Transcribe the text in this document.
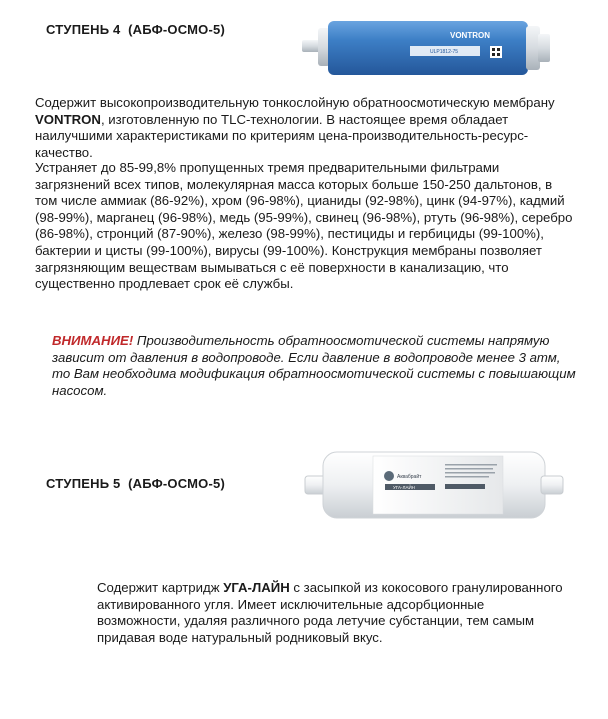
СТУПЕНЬ 4  (АБФ-ОСМО-5)	VONTRON
ULP1812-75
Содержит высокопроизводительную тонкослойную обратноосмотическую мембрану VONTRON, изготовленную по TLC-технологии. В настоящее время обладает наилучшими характеристиками по критериям цена-производительность-ресурс-качество.
Устраняет до 85-99,8% пропущенных тремя предварительными фильтрами загрязнений всех типов, молекулярная масса которых больше 150-250 дальтонов, в том числе аммиак (86-92%), хром (96-98%), цианиды (92-98%), цинк (94-97%), кадмий (98-99%), марганец (96-98%), медь (95-99%), свинец (96-98%), ртуть (96-98%), серебро (86-98%), стронций (87-90%), железо (98-99%), пестициды и гербициды (99-100%), бактерии и цисты (99-100%), вирусы (99-100%). Конструкция мембраны позволяет загрязняющим веществам вымываться с её поверхности в канализацию, что существенно продлевает срок её службы.
ВНИМАНИЕ! Производительность обратноосмотической системы напрямую зависит от давления в водопроводе. Если давление в водопроводе менее 3 атм, то Вам необходима модификация обратноосмотической системы с повышающим насосом.
СТУПЕНЬ 5  (АБФ-ОСМО-5)	Аквабрайт
УГА-ЛАЙН
Содержит картридж УГА-ЛАЙН с засыпкой из кокосового гранулированного активированного угля. Имеет исключительные адсорбционные возможности, удаляя различного рода летучие субстанции, тем самым придавая воде натуральный родниковый вкус.
